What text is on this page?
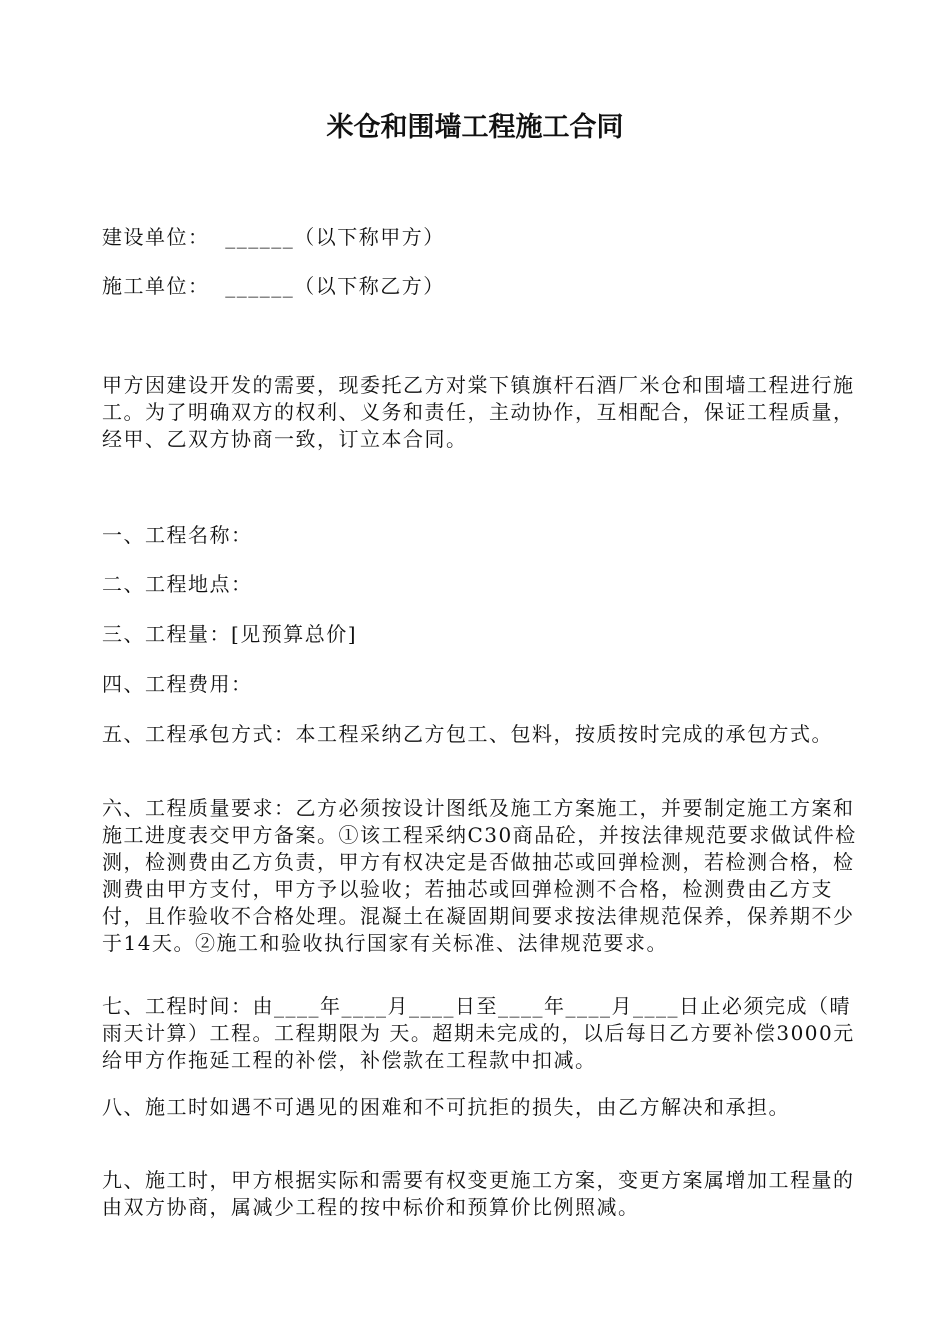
米仓和围墙工程施工合同

建设单位：  ______（以下称甲方）

施工单位：  ______（以下称乙方）

甲方因建设开发的需要，现委托乙方对棠下镇旗杆石酒厂米仓和围墙工程进行施工。为了明确双方的权利、义务和责任，主动协作，互相配合，保证工程质量，经甲、乙双方协商一致，订立本合同。

一、工程名称：

二、工程地点：

三、工程量：[见预算总价]

四、工程费用：

五、工程承包方式：本工程采纳乙方包工、包料，按质按时完成的承包方式。

六、工程质量要求：乙方必须按设计图纸及施工方案施工，并要制定施工方案和施工进度表交甲方备案。①该工程采纳C30商品砼，并按法律规范要求做试件检测，检测费由乙方负责，甲方有权决定是否做抽芯或回弹检测，若检测合格，检测费由甲方支付，甲方予以验收；若抽芯或回弹检测不合格，检测费由乙方支付，且作验收不合格处理。混凝土在凝固期间要求按法律规范保养，保养期不少于14天。②施工和验收执行国家有关标准、法律规范要求。

七、工程时间：由____年____月____日至____年____月____日止必须完成（晴雨天计算）工程。工程期限为 天。超期未完成的，以后每日乙方要补偿3000元给甲方作拖延工程的补偿，补偿款在工程款中扣减。

八、施工时如遇不可遇见的困难和不可抗拒的损失，由乙方解决和承担。

九、施工时，甲方根据实际和需要有权变更施工方案，变更方案属增加工程量的由双方协商，属减少工程的按中标价和预算价比例照减。
